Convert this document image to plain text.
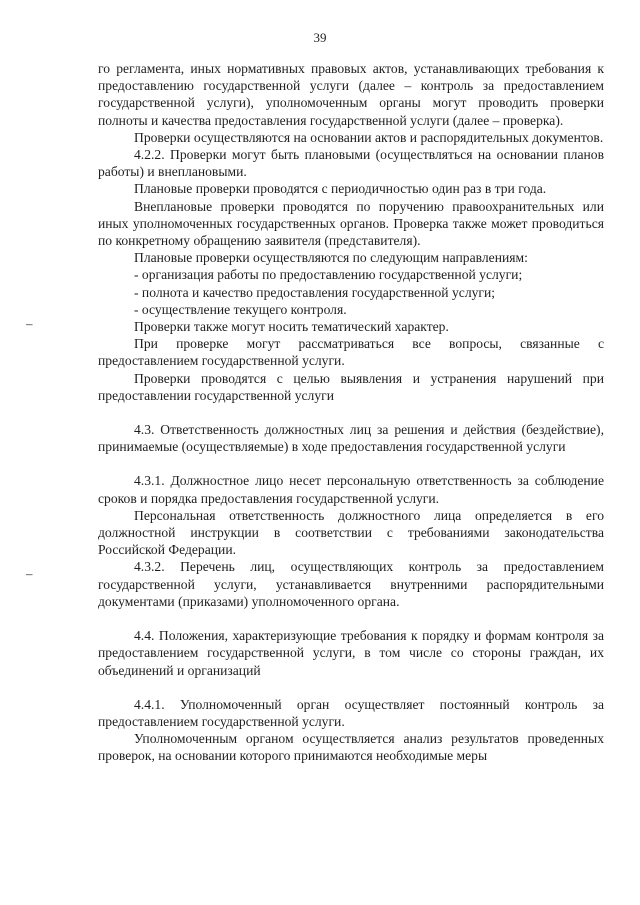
39
–
–

го регламента, иных нормативных правовых актов, устанавливающих требования к предоставлению государственной услуги (далее – контроль за предоставлением государственной услуги), уполномоченным органы могут проводить проверки полноты и качества предоставления государственной услуги (далее – проверка).

Проверки осуществляются на основании актов и распорядительных документов.

4.2.2. Проверки могут быть плановыми (осуществляться на основании планов работы) и внеплановыми.

Плановые проверки проводятся с периодичностью один раз в три года.

Внеплановые проверки проводятся по поручению правоохранительных или иных уполномоченных государственных органов. Проверка также может проводиться по конкретному обращению заявителя (представителя).

Плановые проверки осуществляются по следующим направлениям:

- организация работы по предоставлению государственной услуги;

- полнота и качество предоставления государственной услуги;

- осуществление текущего контроля.

Проверки также могут носить тематический характер.

При проверке могут рассматриваться все вопросы, связанные с предоставлением государственной услуги.

Проверки проводятся с целью выявления и устранения нарушений при предоставлении государственной услуги

4.3. Ответственность должностных лиц за решения и действия (бездействие), принимаемые (осуществляемые) в ходе предоставления государственной услуги

4.3.1. Должностное лицо несет персональную ответственность за соблюдение сроков и порядка предоставления государственной услуги.

Персональная ответственность должностного лица определяется в его должностной инструкции в соответствии с требованиями законодательства Российской Федерации.

4.3.2. Перечень лиц, осуществляющих контроль за предоставлением государственной услуги, устанавливается внутренними распорядительными документами (приказами) уполномоченного органа.

4.4. Положения, характеризующие требования к порядку и формам контроля за предоставлением государственной услуги, в том числе со стороны граждан, их объединений и организаций

4.4.1. Уполномоченный орган осуществляет постоянный контроль за предоставлением государственной услуги.

Уполномоченным органом осуществляется анализ результатов проведенных проверок, на основании которого принимаются необходимые меры
